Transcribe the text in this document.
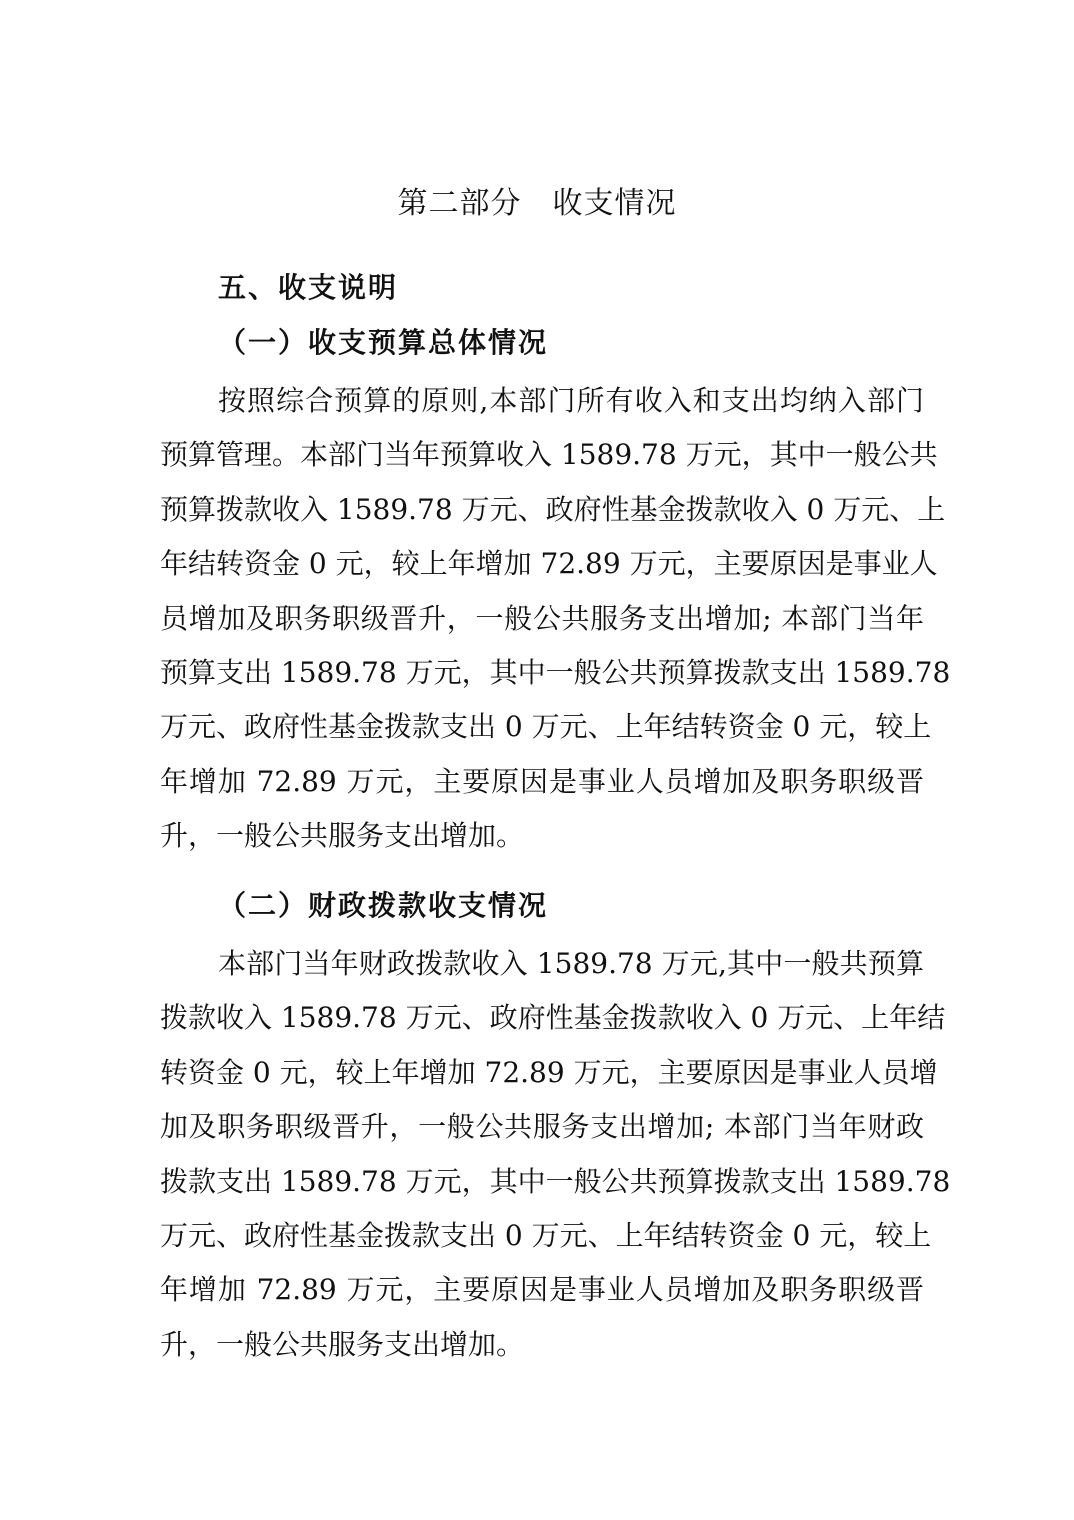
第二部分　收支情况
五、收支说明
（一）收支预算总体情况
按照综合预算的原则,本部门所有收入和支出均纳入部门
预算管理。本部门当年预算收入 1589.78 万元，其中一般公共
预算拨款收入 1589.78 万元、政府性基金拨款收入 0 万元、上
年结转资金 0 元，较上年增加 72.89 万元，主要原因是事业人
员增加及职务职级晋升，一般公共服务支出增加; 本部门当年
预算支出 1589.78 万元，其中一般公共预算拨款支出 1589.78
万元、政府性基金拨款支出 0 万元、上年结转资金 0 元，较上
年增加 72.89 万元，主要原因是事业人员增加及职务职级晋
升，一般公共服务支出增加。
（二）财政拨款收支情况
本部门当年财政拨款收入 1589.78 万元,其中一般共预算
拨款收入 1589.78 万元、政府性基金拨款收入 0 万元、上年结
转资金 0 元，较上年增加 72.89 万元，主要原因是事业人员增
加及职务职级晋升，一般公共服务支出增加; 本部门当年财政
拨款支出 1589.78 万元，其中一般公共预算拨款支出 1589.78
万元、政府性基金拨款支出 0 万元、上年结转资金 0 元，较上
年增加 72.89 万元，主要原因是事业人员增加及职务职级晋
升，一般公共服务支出增加。
